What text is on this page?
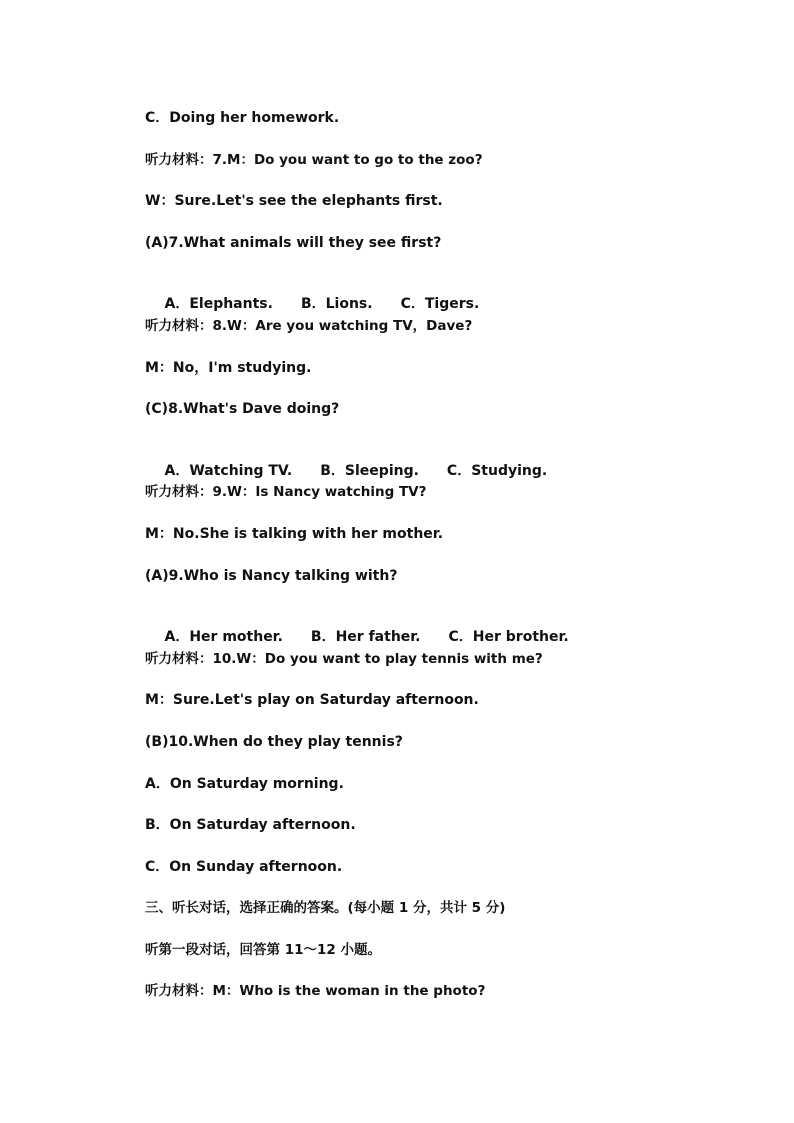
C．Doing her homework.
听力材料：7.M：Do you want to go to the zoo?
W：Sure.Let's see the elephants first.
(A)7.What animals will they see first?

A．Elephants. B．Lions. C．Tigers.

听力材料：8.W：Are you watching TV，Dave?
M：No，I'm studying.
(C)8.What's Dave doing?

A．Watching TV. B．Sleeping. C．Studying.

听力材料：9.W：Is Nancy watching TV?
M：No.She is talking with her mother.
(A)9.Who is Nancy talking with?

A．Her mother. B．Her father. C．Her brother.

听力材料：10.W：Do you want to play tennis with me?
M：Sure.Let's play on Saturday afternoon.
(B)10.When do they play tennis?
A．On Saturday morning.
B．On Saturday afternoon.
C．On Sunday afternoon.
三、听长对话，选择正确的答案。(每小题 1 分，共计 5 分)
听第一段对话，回答第 11～12 小题。
听力材料：M：Who is the woman in the photo?
